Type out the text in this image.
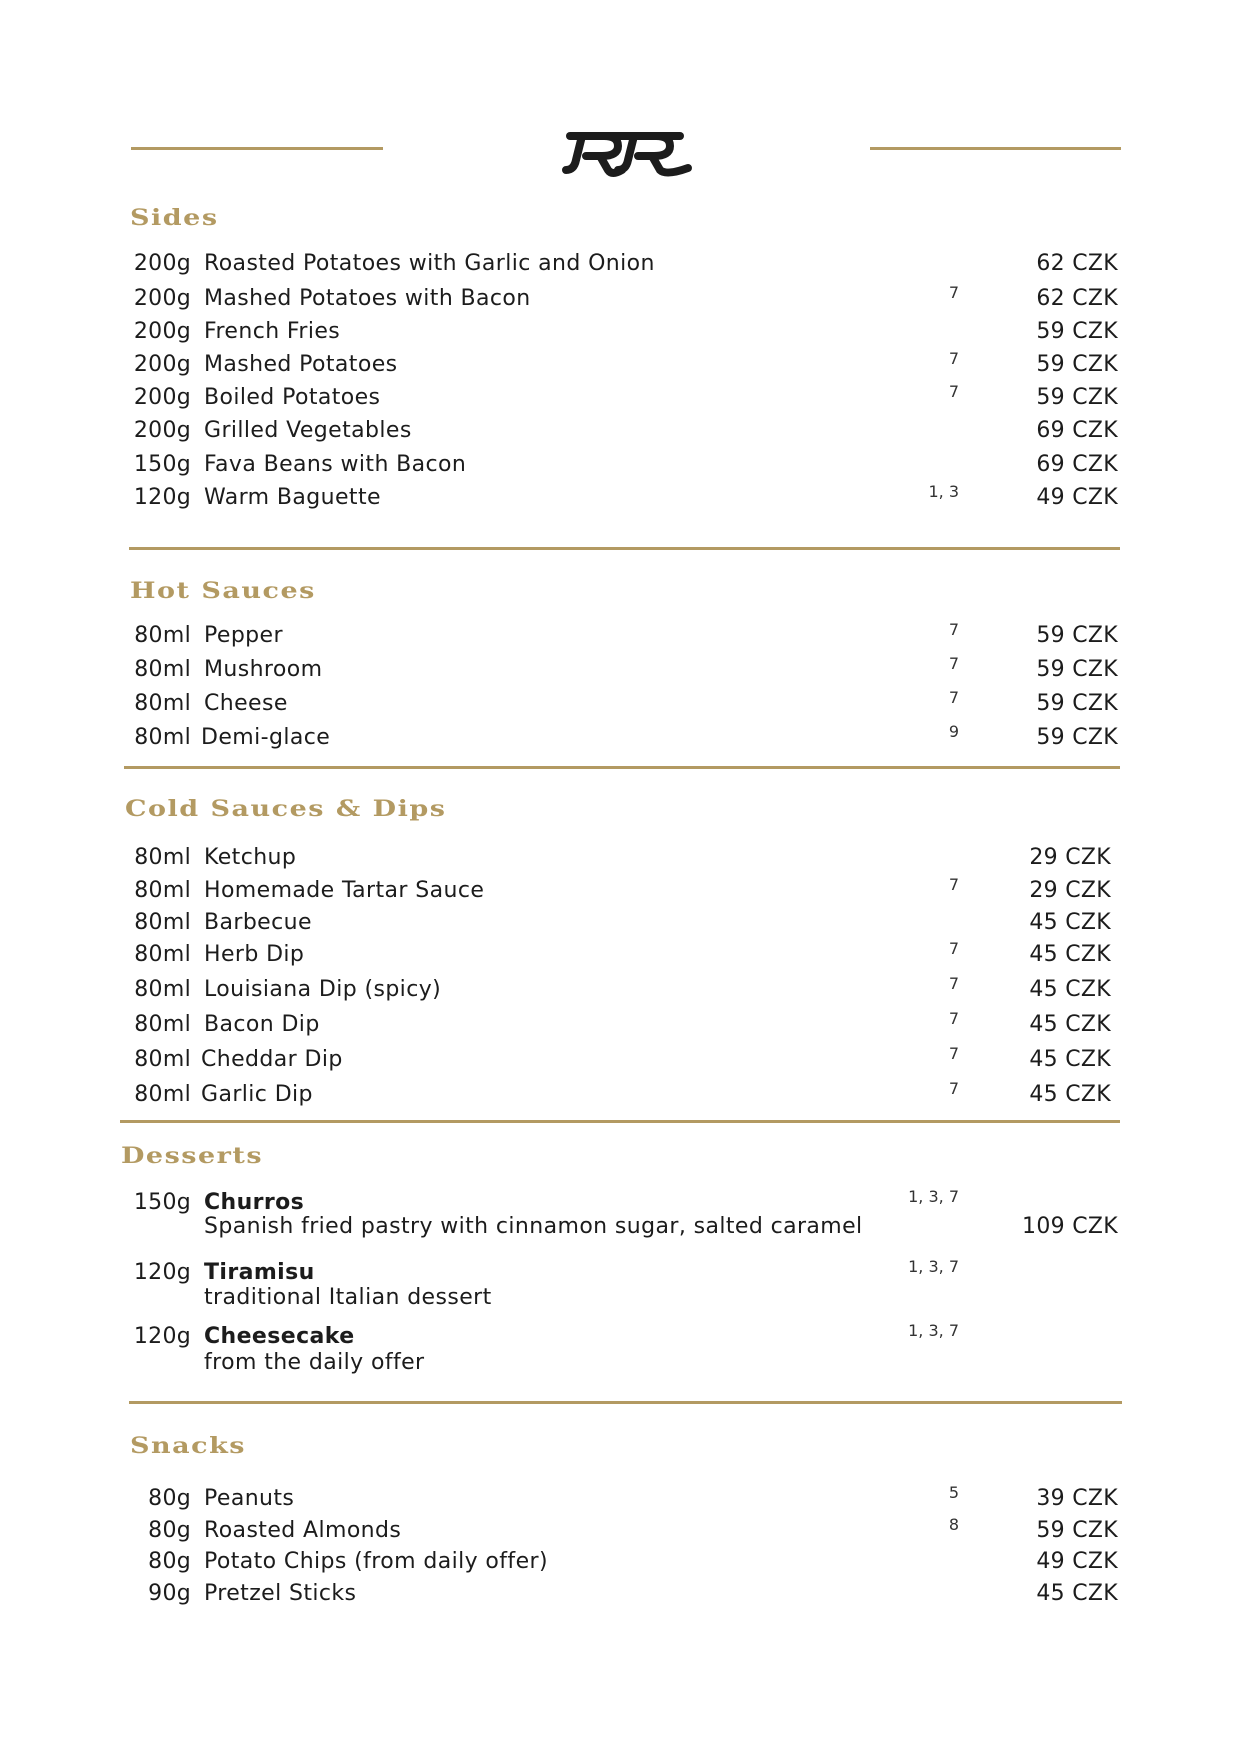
Sides
200g Roasted Potatoes with Garlic and Onion	62 CZK
200g Mashed Potatoes with Bacon	7	62 CZK
200g French Fries	59 CZK
200g Mashed Potatoes	7	59 CZK
200g Boiled Potatoes	7	59 CZK
200g Grilled Vegetables	69 CZK
150g Fava Beans with Bacon	69 CZK
120g Warm Baguette	1, 3	49 CZK
Hot Sauces
80ml Pepper	7	59 CZK
80ml Mushroom	7	59 CZK
80ml Cheese	7	59 CZK
80ml Demi-glace	9	59 CZK
Cold Sauces & Dips
80ml Ketchup	29 CZK
80ml Homemade Tartar Sauce	7	29 CZK
80ml Barbecue	45 CZK
80ml Herb Dip	7	45 CZK
80ml Louisiana Dip (spicy)	7	45 CZK
80ml Bacon Dip	7	45 CZK
80ml Cheddar Dip	7	45 CZK
80ml Garlic Dip	7	45 CZK
Desserts
150g Churros	1, 3, 7
Spanish fried pastry with cinnamon sugar, salted caramel	109 CZK
120g Tiramisu	1, 3, 7
traditional Italian dessert
120g Cheesecake	1, 3, 7
from the daily offer
Snacks
80g Peanuts	5	39 CZK
80g Roasted Almonds	8	59 CZK
80g Potato Chips (from daily offer)	49 CZK
90g Pretzel Sticks	45 CZK
